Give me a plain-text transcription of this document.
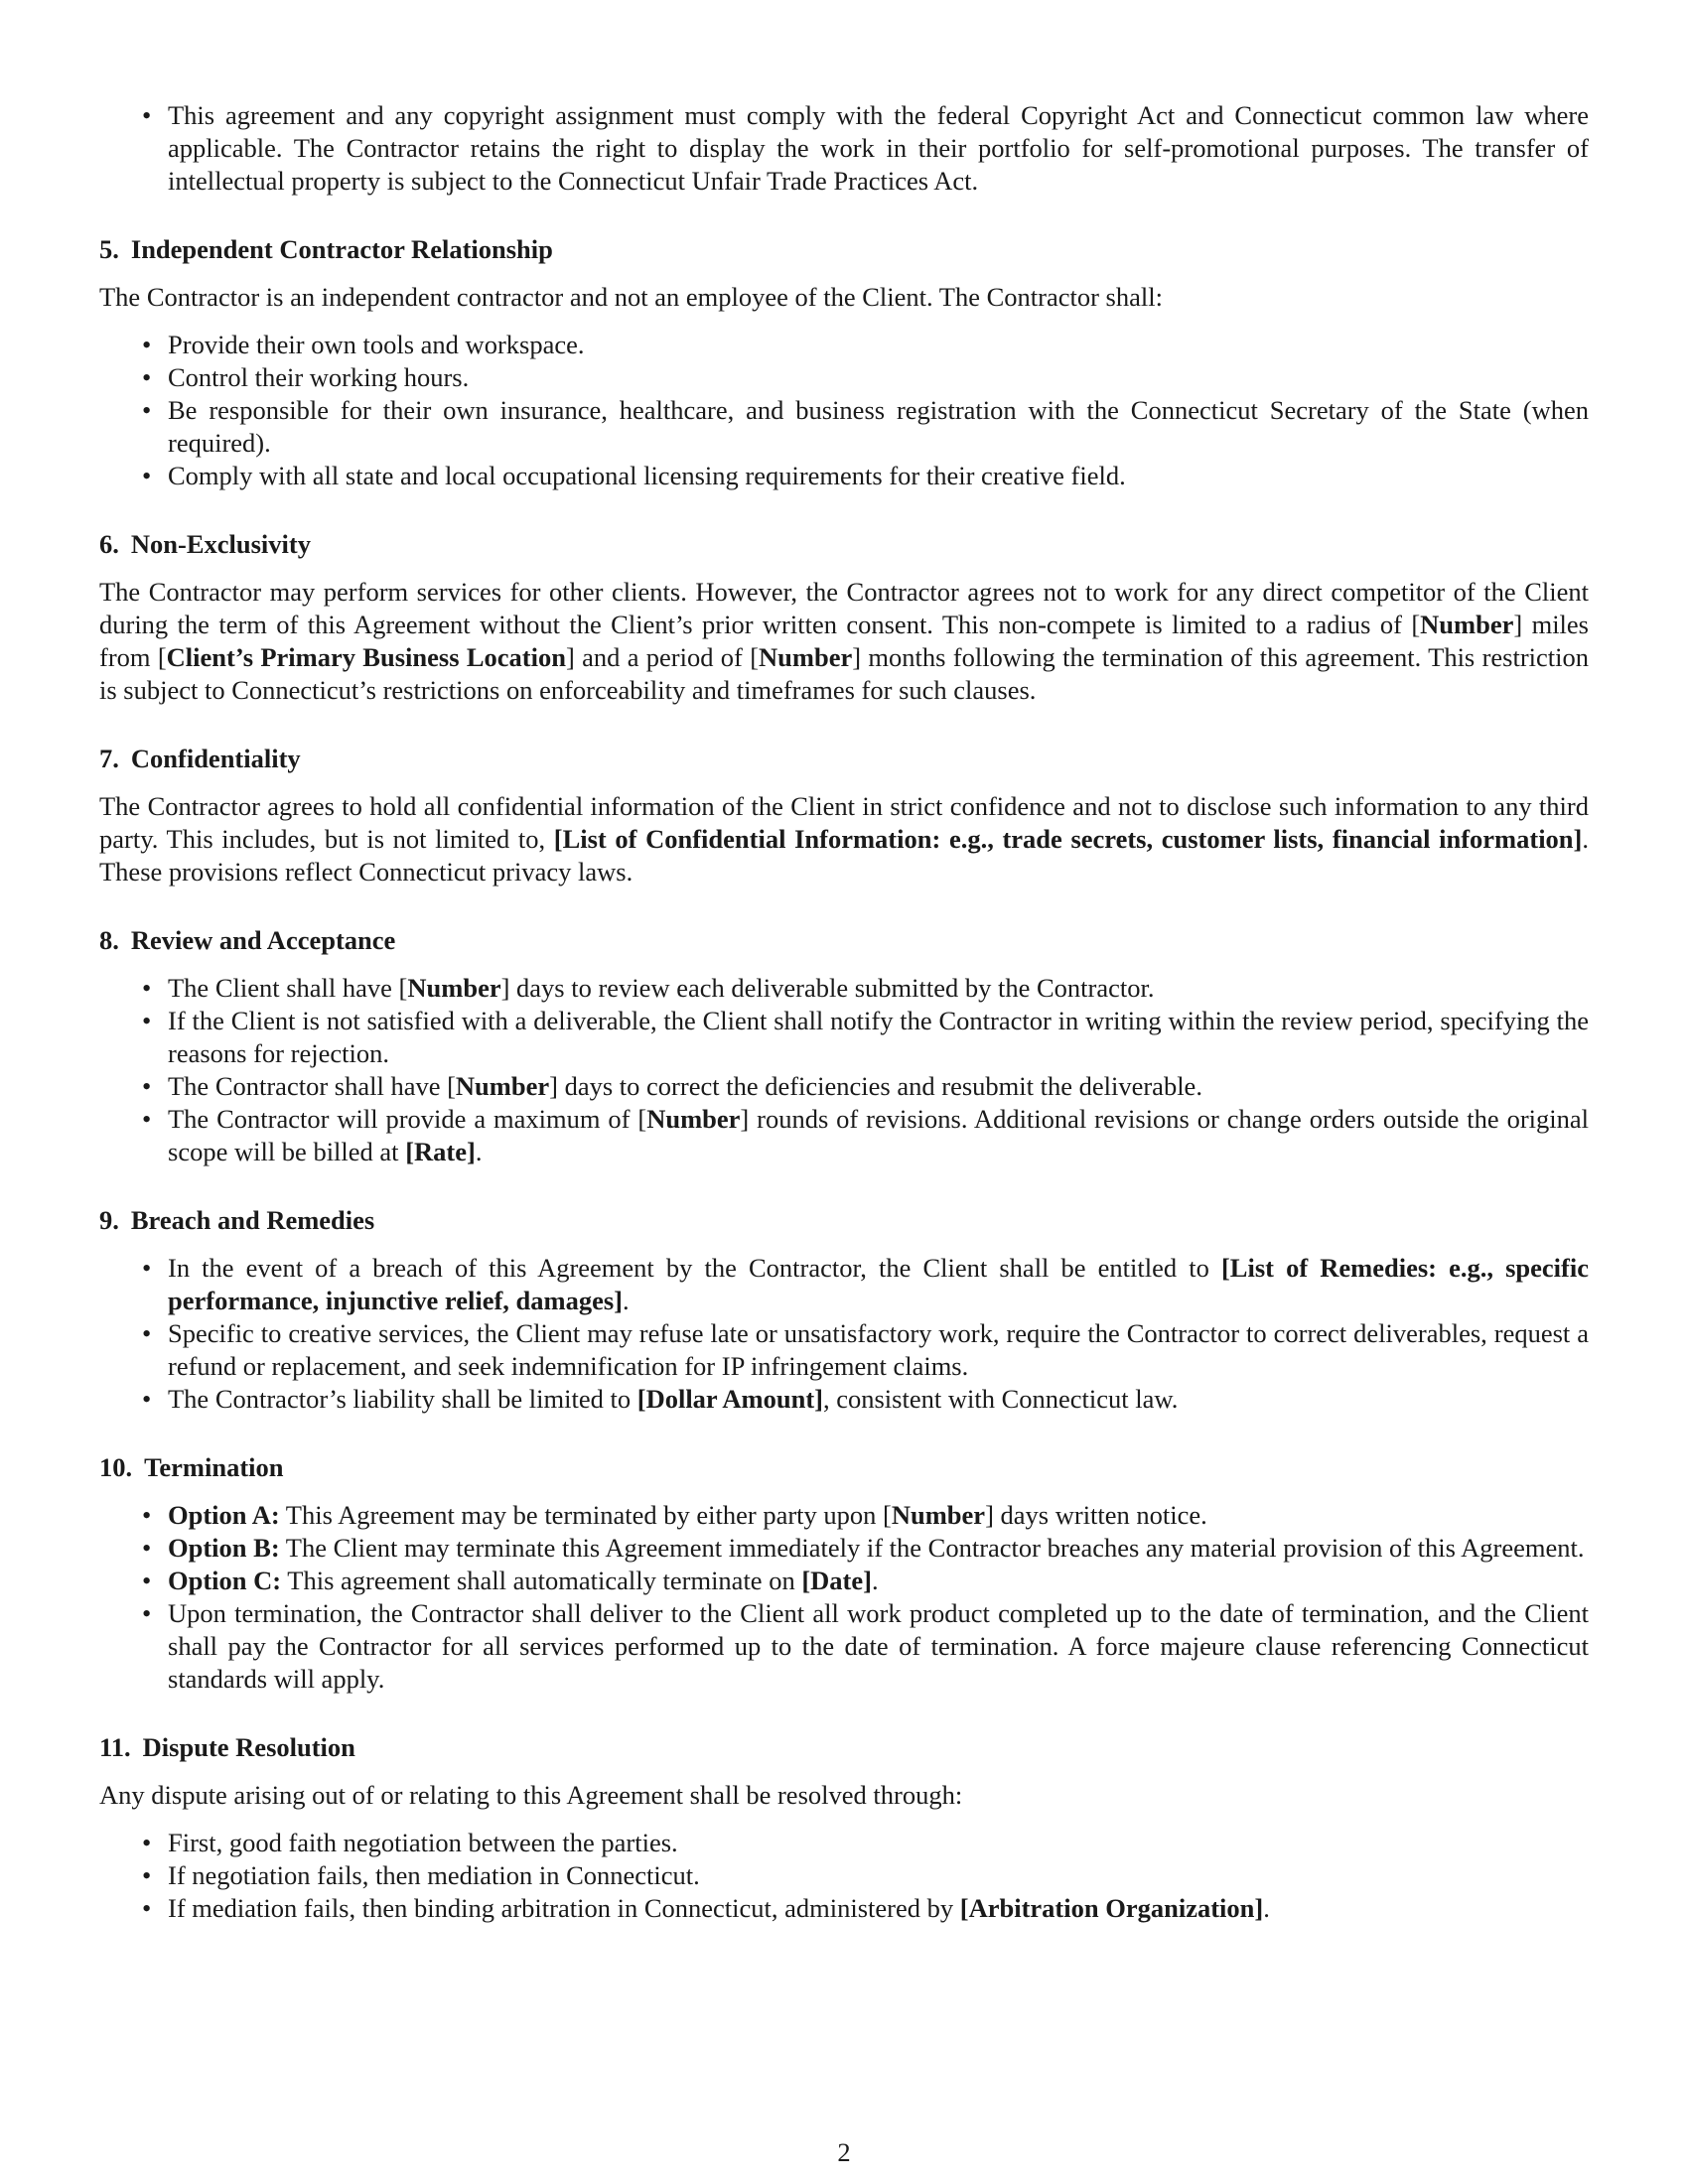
• This agreement and any copyright assignment must comply with the federal Copyright Act and Connecticut common law where applicable. The Contractor retains the right to display the work in their portfolio for self-promotional purposes. The transfer of intellectual property is subject to the Connecticut Unfair Trade Practices Act.
5. Independent Contractor Relationship
The Contractor is an independent contractor and not an employee of the Client. The Contractor shall:
• Provide their own tools and workspace.
• Control their working hours.
• Be responsible for their own insurance, healthcare, and business registration with the Connecticut Secretary of the State (when required).
• Comply with all state and local occupational licensing requirements for their creative field.
6. Non-Exclusivity
The Contractor may perform services for other clients. However, the Contractor agrees not to work for any direct competitor of the Client during the term of this Agreement without the Client’s prior written consent. This non-compete is limited to a radius of [Number] miles from [Client’s Primary Business Location] and a period of [Number] months following the termination of this agreement. This restriction is subject to Connecticut’s restrictions on enforceability and timeframes for such clauses.
7. Confidentiality
The Contractor agrees to hold all confidential information of the Client in strict confidence and not to disclose such information to any third party. This includes, but is not limited to, [List of Confidential Information: e.g., trade secrets, customer lists, financial information]. These provisions reflect Connecticut privacy laws.
8. Review and Acceptance
• The Client shall have [Number] days to review each deliverable submitted by the Contractor.
• If the Client is not satisfied with a deliverable, the Client shall notify the Contractor in writing within the review period, specifying the reasons for rejection.
• The Contractor shall have [Number] days to correct the deficiencies and resubmit the deliverable.
• The Contractor will provide a maximum of [Number] rounds of revisions. Additional revisions or change orders outside the original scope will be billed at [Rate].
9. Breach and Remedies
• In the event of a breach of this Agreement by the Contractor, the Client shall be entitled to [List of Remedies: e.g., specific performance, injunctive relief, damages].
• Specific to creative services, the Client may refuse late or unsatisfactory work, require the Contractor to correct deliverables, request a refund or replacement, and seek indemnification for IP infringement claims.
• The Contractor’s liability shall be limited to [Dollar Amount], consistent with Connecticut law.
10. Termination
• Option A: This Agreement may be terminated by either party upon [Number] days written notice.
• Option B: The Client may terminate this Agreement immediately if the Contractor breaches any material provision of this Agreement.
• Option C: This agreement shall automatically terminate on [Date].
• Upon termination, the Contractor shall deliver to the Client all work product completed up to the date of termination, and the Client shall pay the Contractor for all services performed up to the date of termination. A force majeure clause referencing Connecticut standards will apply.
11. Dispute Resolution
Any dispute arising out of or relating to this Agreement shall be resolved through:
• First, good faith negotiation between the parties.
• If negotiation fails, then mediation in Connecticut.
• If mediation fails, then binding arbitration in Connecticut, administered by [Arbitration Organization].
2
